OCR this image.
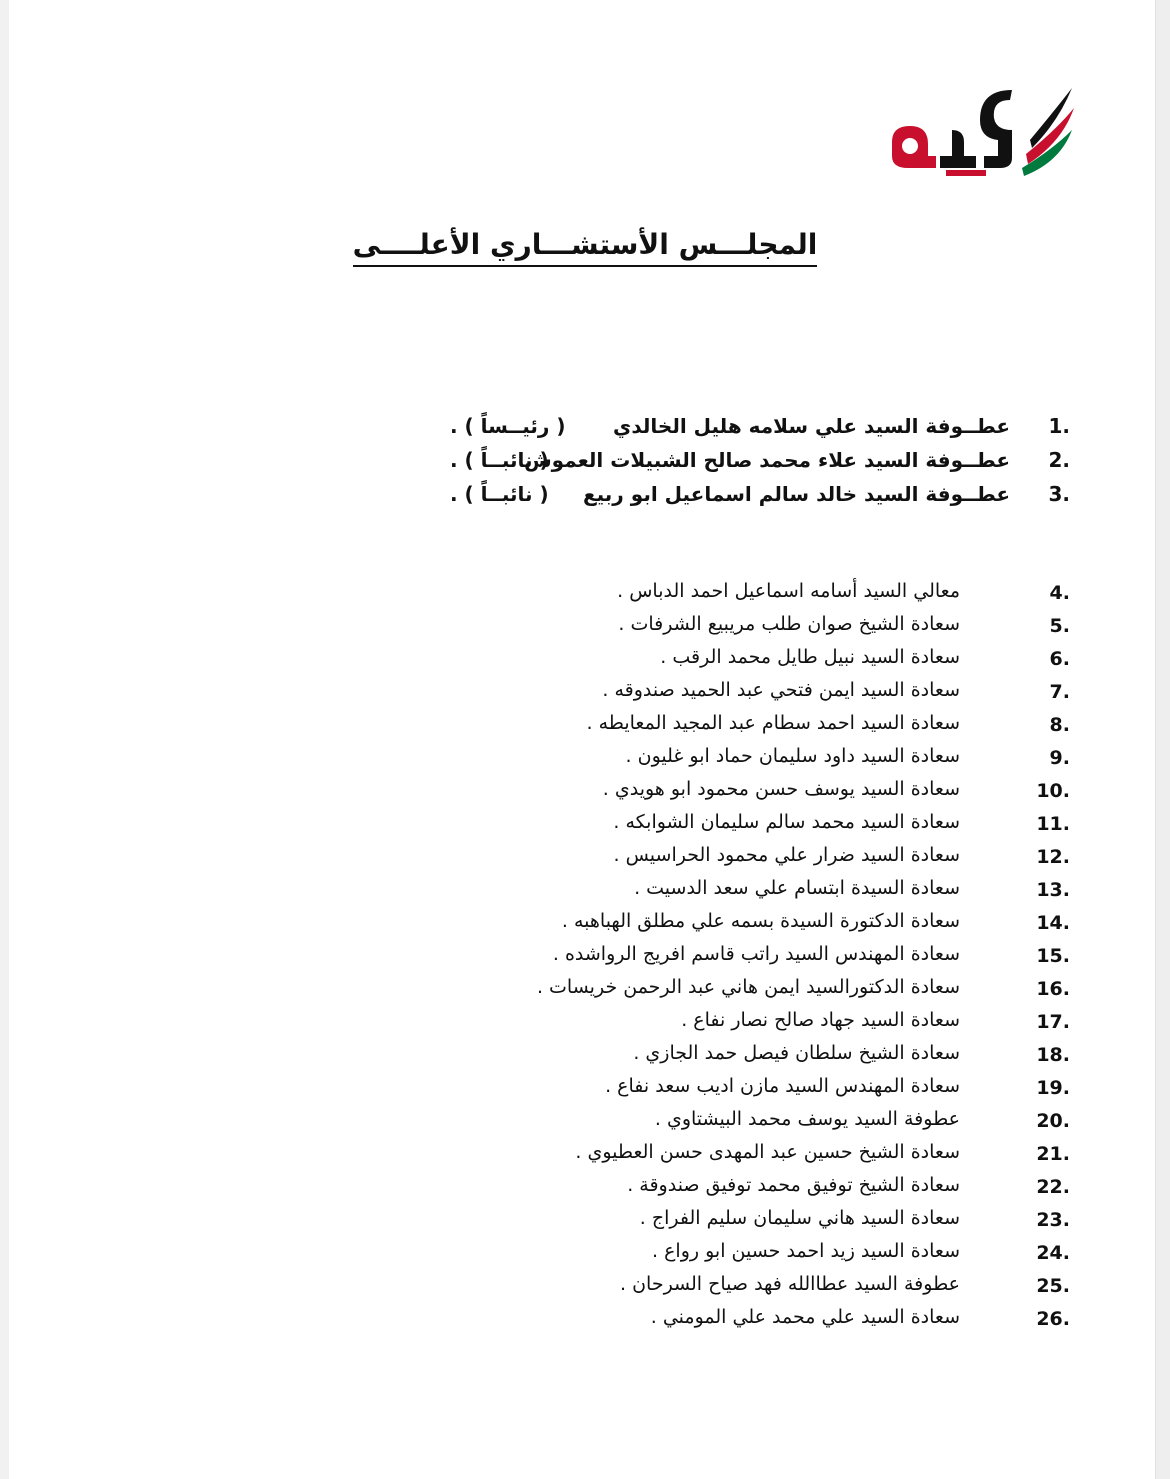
المجلـــس الأستشـــاري الأعلــــى
1.
عطــوفة السيد علي سلامه هليل الخالدي
( رئيــساً ) .
2.
عطــوفة السيد علاء محمد صالح الشبيلات العموش
( نائبــاً ) .
3.
عطــوفة السيد خالد سالم اسماعيل ابو ربيع
( نائبــاً ) .
4.
معالي السيد أسامه اسماعيل احمد الدباس .
5.
سعادة الشيخ صوان طلب مريبيع الشرفات .
6.
سعادة السيد نبيل طايل محمد الرقب .
7.
سعادة السيد ايمن فتحي عبد الحميد صندوقه .
8.
سعادة السيد احمد سطام عبد المجيد المعايطه .
9.
سعادة السيد داود سليمان حماد ابو غليون .
10.
سعادة السيد يوسف حسن محمود ابو هويدي .
11.
سعادة السيد محمد سالم سليمان الشوابكه .
12.
سعادة السيد ضرار علي محمود الحراسيس .
13.
سعادة السيدة ابتسام علي سعد الدسيت .
14.
سعادة الدكتورة السيدة بسمه علي مطلق الهباهبه .
15.
سعادة المهندس السيد راتب قاسم افريج الرواشده .
16.
سعادة الدكتورالسيد ايمن هاني عبد الرحمن خريسات .
17.
سعادة السيد جهاد صالح نصار نفاع .
18.
سعادة الشيخ سلطان فيصل حمد الجازي .
19.
سعادة المهندس السيد مازن اديب سعد نفاع .
20.
عطوفة السيد يوسف محمد البيشتاوي .
21.
سعادة الشيخ حسين عبد المهدى حسن العطيوي .
22.
سعادة الشيخ توفيق محمد توفيق صندوقة .
23.
سعادة السيد هاني سليمان سليم الفراج .
24.
سعادة السيد زيد احمد حسين ابو رواع .
25.
عطوفة السيد عطاالله فهد صياح السرحان .
26.
سعادة السيد علي محمد علي المومني .
